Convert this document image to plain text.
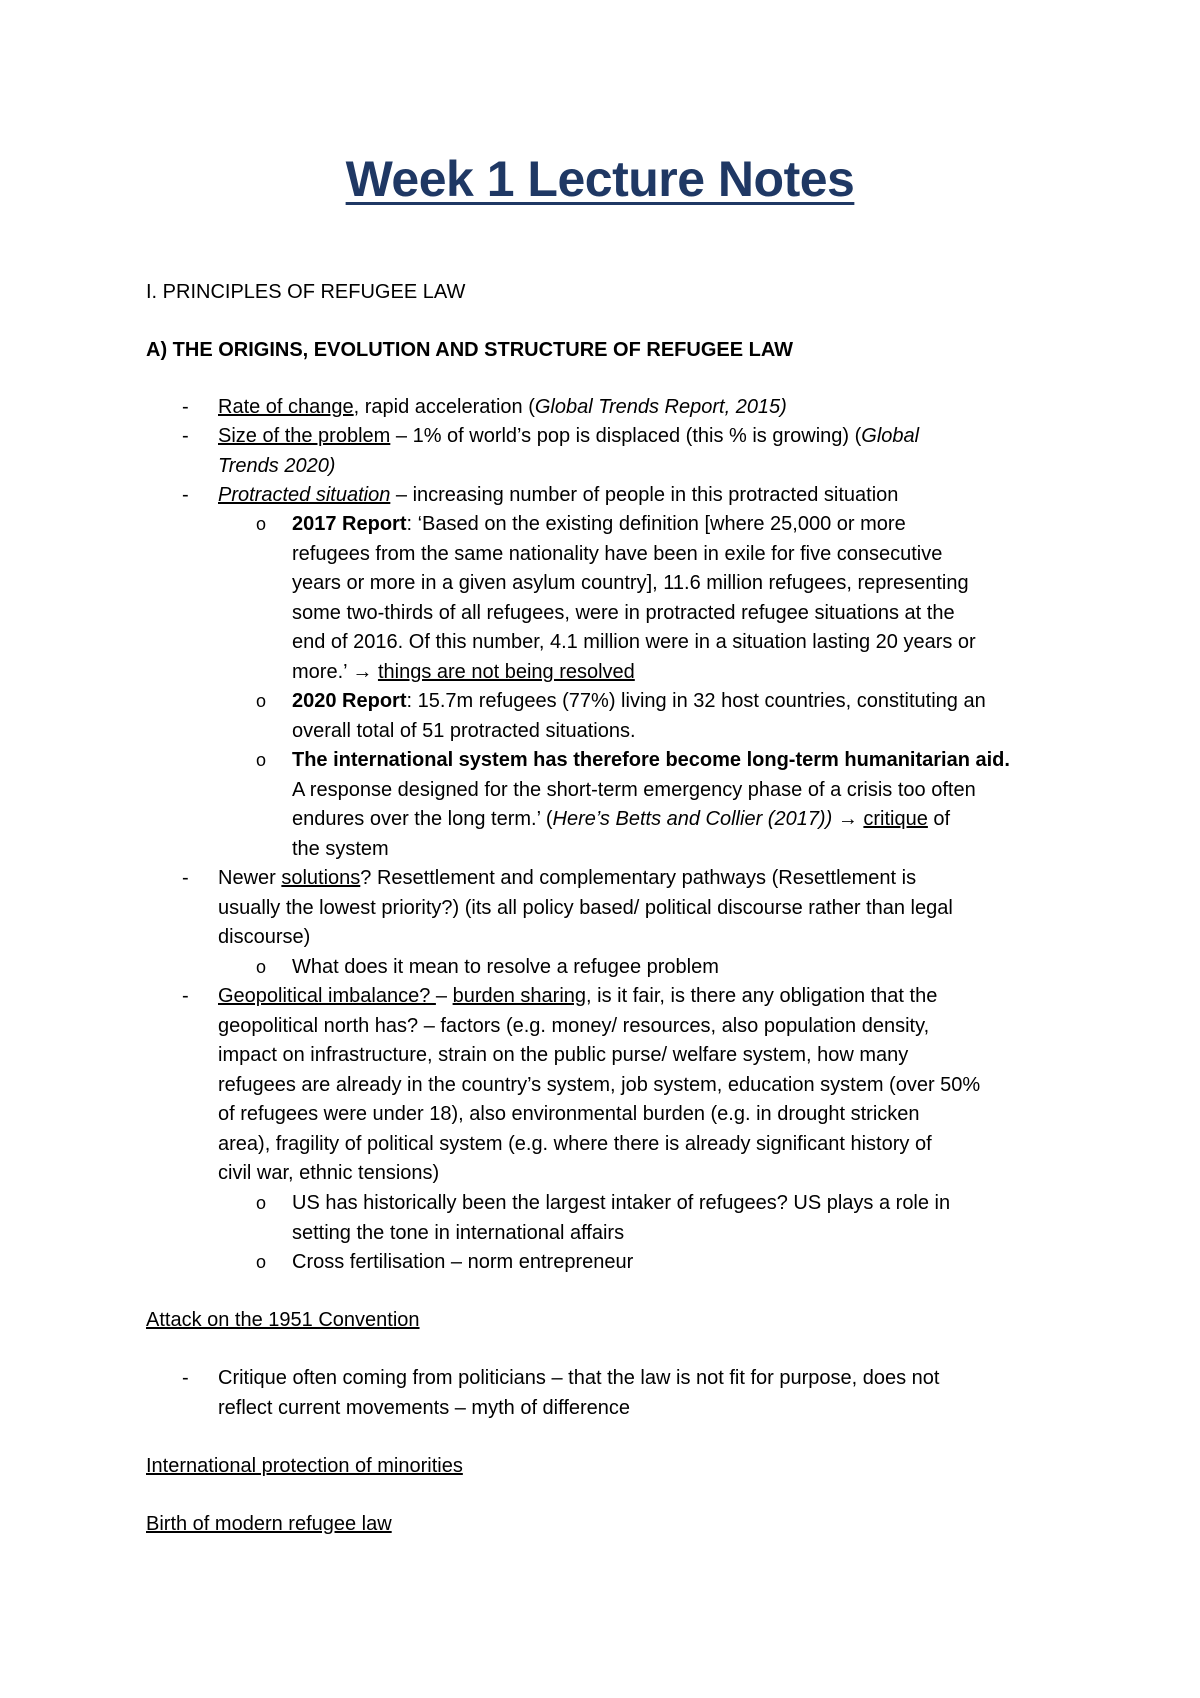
Week 1 Lecture Notes
I. PRINCIPLES OF REFUGEE LAW
A) THE ORIGINS, EVOLUTION AND STRUCTURE OF REFUGEE LAW
- Rate of change, rapid acceleration (Global Trends Report, 2015)
- Size of the problem – 1% of world’s pop is displaced (this % is growing) (Global
Trends 2020)
- Protracted situation – increasing number of people in this protracted situation
o 2017 Report: ‘Based on the existing definition [where 25,000 or more
refugees from the same nationality have been in exile for five consecutive
years or more in a given asylum country], 11.6 million refugees, representing
some two-thirds of all refugees, were in protracted refugee situations at the
end of 2016. Of this number, 4.1 million were in a situation lasting 20 years or
more.’ → things are not being resolved
o 2020 Report: 15.7m refugees (77%) living in 32 host countries, constituting an
overall total of 51 protracted situations.
o The international system has therefore become long-term humanitarian aid.
A response designed for the short-term emergency phase of a crisis too often
endures over the long term.’ (Here’s Betts and Collier (2017)) → critique of
the system
- Newer solutions? Resettlement and complementary pathways (Resettlement is
usually the lowest priority?) (its all policy based/ political discourse rather than legal
discourse)
o What does it mean to resolve a refugee problem
- Geopolitical imbalance? – burden sharing, is it fair, is there any obligation that the
geopolitical north has? – factors (e.g. money/ resources, also population density,
impact on infrastructure, strain on the public purse/ welfare system, how many
refugees are already in the country’s system, job system, education system (over 50%
of refugees were under 18), also environmental burden (e.g. in drought stricken
area), fragility of political system (e.g. where there is already significant history of
civil war, ethnic tensions)
o US has historically been the largest intaker of refugees? US plays a role in
setting the tone in international affairs
o Cross fertilisation – norm entrepreneur
Attack on the 1951 Convention
- Critique often coming from politicians – that the law is not fit for purpose, does not
reflect current movements – myth of difference
International protection of minorities
Birth of modern refugee law
